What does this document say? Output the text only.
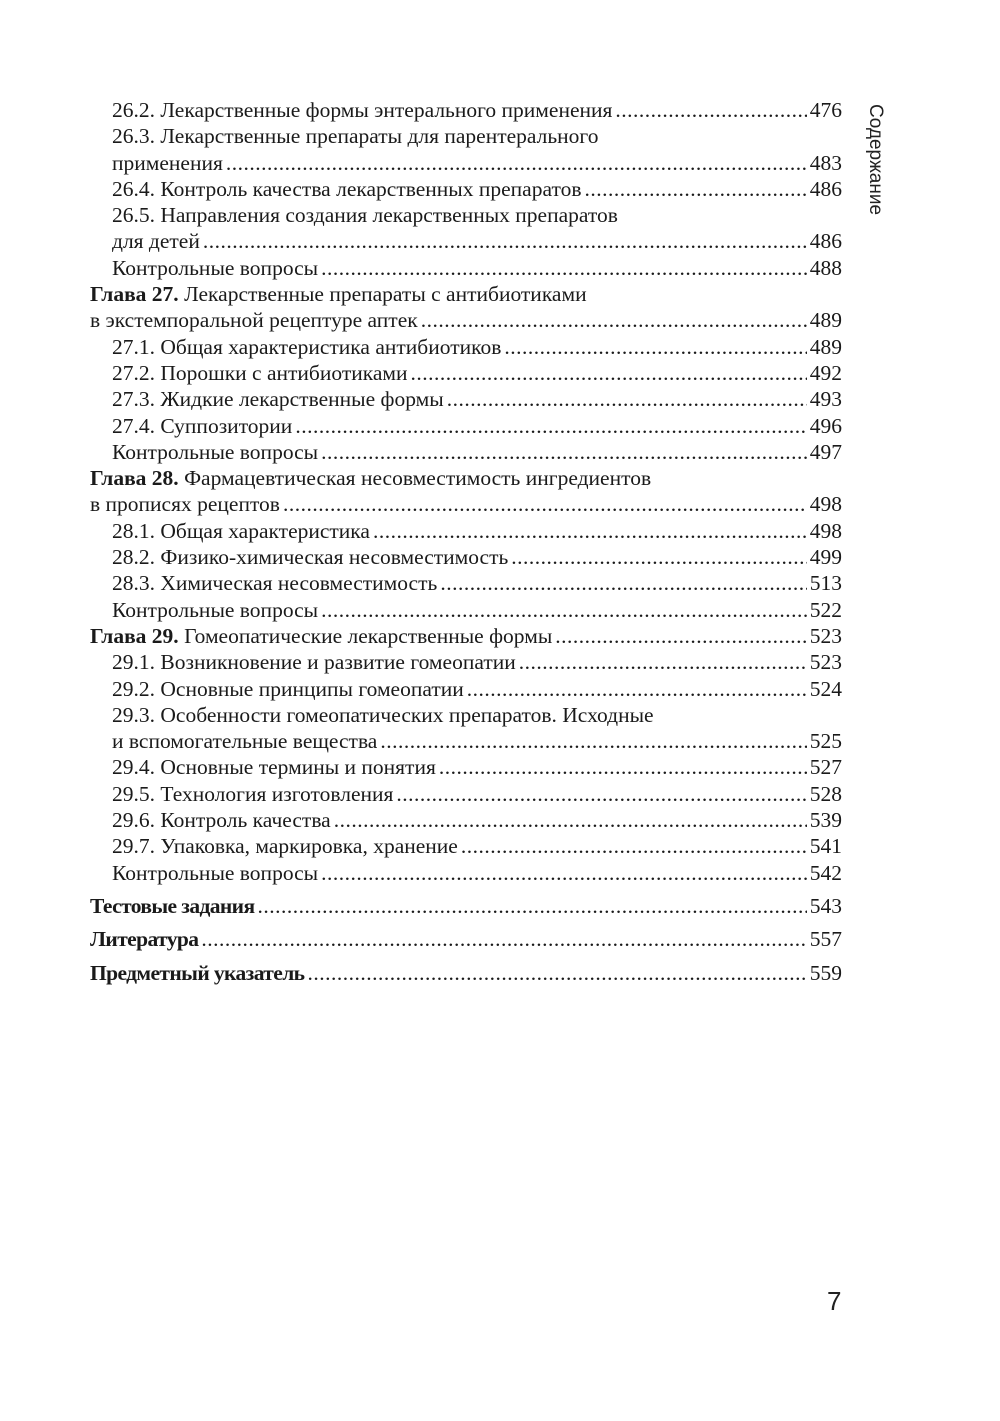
26.2. Лекарственные формы энтерального применения .....	476
26.3. Лекарственные препараты для парентерального
применения .....	483
26.4. Контроль качества лекарственных препаратов .....	486
26.5. Направления создания лекарственных препаратов
для детей .....	486
Контрольные вопросы .....	488
Глава 27. Лекарственные препараты с антибиотиками
в экстемпоральной рецептуре аптек .....	489
27.1. Общая характеристика антибиотиков .....	489
27.2. Порошки с антибиотиками .....	492
27.3. Жидкие лекарственные формы .....	493
27.4. Суппозитории .....	496
Контрольные вопросы .....	497
Глава 28. Фармацевтическая несовместимость ингредиентов
в прописях рецептов .....	498
28.1. Общая характеристика .....	498
28.2. Физико-химическая несовместимость .....	499
28.3. Химическая несовместимость .....	513
Контрольные вопросы .....	522
Глава 29.
Гомеопатические лекарственные формы .....	523
29.1. Возникновение и развитие гомеопатии .....	523
29.2. Основные принципы гомеопатии .....	524
29.3. Особенности гомеопатических препаратов. Исходные
и вспомогательные вещества .....	525
29.4. Основные термины и понятия .....	527
29.5. Технология изготовления .....	528
29.6. Контроль качества .....	539
29.7. Упаковка, маркировка, хранение .....	541
Контрольные вопросы .....	542
Тестовые задания .....	543
Литература .....	557
Предметный указатель .....	559
Содержание
7
